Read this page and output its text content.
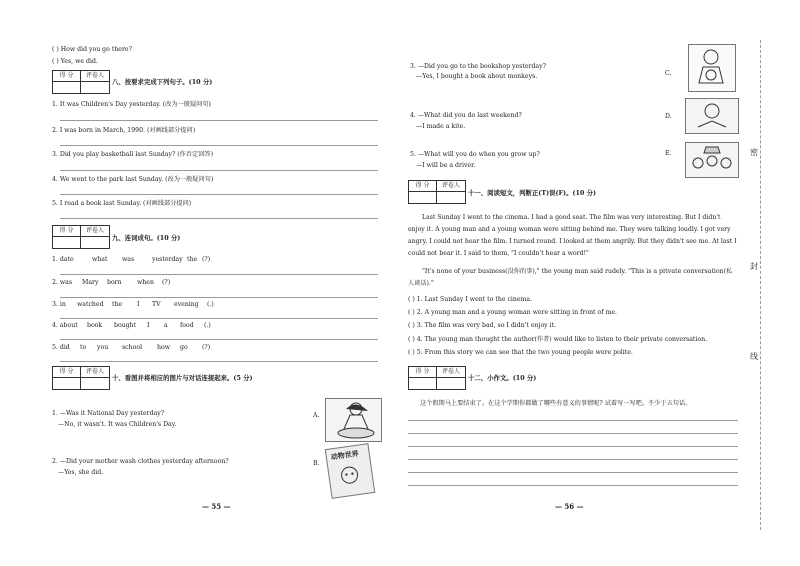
( ) How did you go there?
( ) Yes, we did.
得 分	评卷人
八、按要求完成下列句子。(10 分)
1. It was Children's Day yesterday. (改为一般疑问句)
2. I was born in March, 1990. (对画线部分提问)
3. Did you play basketball last Sunday? (作否定回答)
4. We went to the park last Sunday. (改为一般疑问句)
5. I read a book last Sunday. (对画线部分提问)
得 分	评卷人
九、连词成句。(10 分)
1. date	what was	yesterday the (?)
2. was Mary born when (?)
3. in watched the I TV evening (.)
4. about book bought I a food (.)
5. did to you school how go (?)
得 分	评卷人
十、看图并将相应的图片与对话连接起来。(5 分)
1. —Was it National Day yesterday?
—No, it wasn't. It was Children's Day.
2. —Did your mother wash clothes yesterday afternoon?
—Yes, she did.
A.
B.
动物世界
— 55 —
3. —Did you go to the bookshop yesterday?
—Yes, I bought a book about monkeys.
4. —What did you do last weekend?
—I made a kite.
5. —What will you do when you grow up?
—I will be a driver.
C.
D.
E.
得 分	评卷人
十一、阅读短文，判断正(T)误(F)。(10 分)
Last Sunday I went to the cinema. I had a good seat. The film was very interesting. But I didn't enjoy it. A young man and a young woman were sitting behind me. They were talking loudly. I got very angry. I could not hear the film. I turned round. I looked at them angrily. But they didn't see me. At last I could not bear it. I said to them, "I couldn't hear a word!"
"It's none of your business(没你的事)," the young man said rudely. "This is a private conversation(私人谈话)."
( ) 1. Last Sunday I went to the cinema.
( ) 2. A young man and a young woman were sitting in front of me.
( ) 3. The film was very bad, so I didn't enjoy it.
( ) 4. The young man thought the author(作者) would like to listen to their private conversation.
( ) 5. From this story we can see that the two young people were polite.
得 分	评卷人
十二、小作文。(10 分)
这个假期马上要结束了。在这个学期你都做了哪些有意义的事情呢? 试着写一写吧。不少于五句话。
— 56 —
密
封
线
